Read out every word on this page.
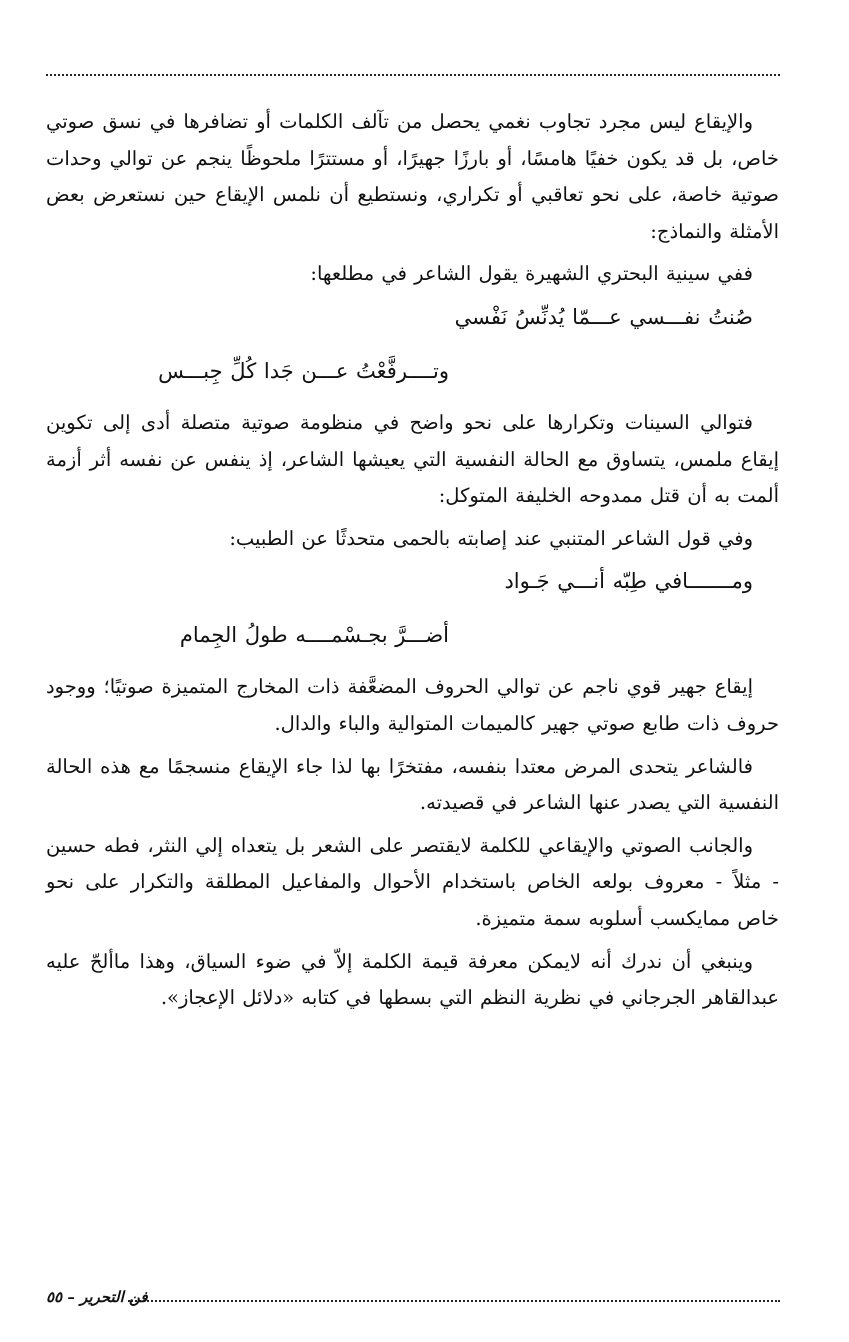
والإيقاع ليس مجرد تجاوب نغمي يحصل من تآلف الكلمات أو تضافرها في نسق صوتي خاص، بل قد يكون خفيًا هامسًا، أو بارزًا جهيرًا، أو مستترًا ملحوظًا ينجم عن توالي وحدات صوتية خاصة، على نحو تعاقبي أو تكراري، ونستطيع أن نلمس الإيقاع حين نستعرض بعض الأمثلة والنماذج:

ففي سينية البحتري الشهيرة يقول الشاعر في مطلعها:

صُنتُ نفـــسي عـــمّا يُدنِّسُ نَفْسي

وتــــرفَّعْتُ عـــن جَدا كُلِّ جِبـــس

فتوالي السينات وتكرارها على نحو واضح في منظومة صوتية متصلة أدى إلى تكوين إيقاع ملمس، يتساوق مع الحالة النفسية التي يعيشها الشاعر، إذ ينفس عن نفسه أثر أزمة ألمت به أن قتل ممدوحه الخليفة المتوكل:

وفي قول الشاعر المتنبي عند إصابته بالحمى متحدثًا عن الطبيب:

ومـــــــافي طِبّه أنـــي جَـواد

أضـــرَّ بجـسْمــــه طولُ الجِمام

إيقاع جهير قوي ناجم عن توالي الحروف المضعَّفة ذات المخارج المتميزة صوتيًا؛ ووجود حروف ذات طابع صوتي جهير كالميمات المتوالية والباء والدال.

فالشاعر يتحدى المرض معتدا بنفسه، مفتخرًا بها لذا جاء الإيقاع منسجمًا مع هذه الحالة النفسية التي يصدر عنها الشاعر في قصيدته.

والجانب الصوتي والإيقاعي للكلمة لايقتصر على الشعر بل يتعداه إلي النثر، فطه حسين - مثلاً - معروف بولعه الخاص باستخدام الأحوال والمفاعيل المطلقة والتكرار على نحو خاص ممايكسب أسلوبه سمة متميزة.

وينبغي أن ندرك أنه لايمكن معرفة قيمة الكلمة إلاّ في ضوء السياق، وهذا ماألحّ عليه عبدالقاهر الجرجاني في نظرية النظم التي بسطها في كتابه «دلائل الإعجاز».

فن التحرير – ٥٥
